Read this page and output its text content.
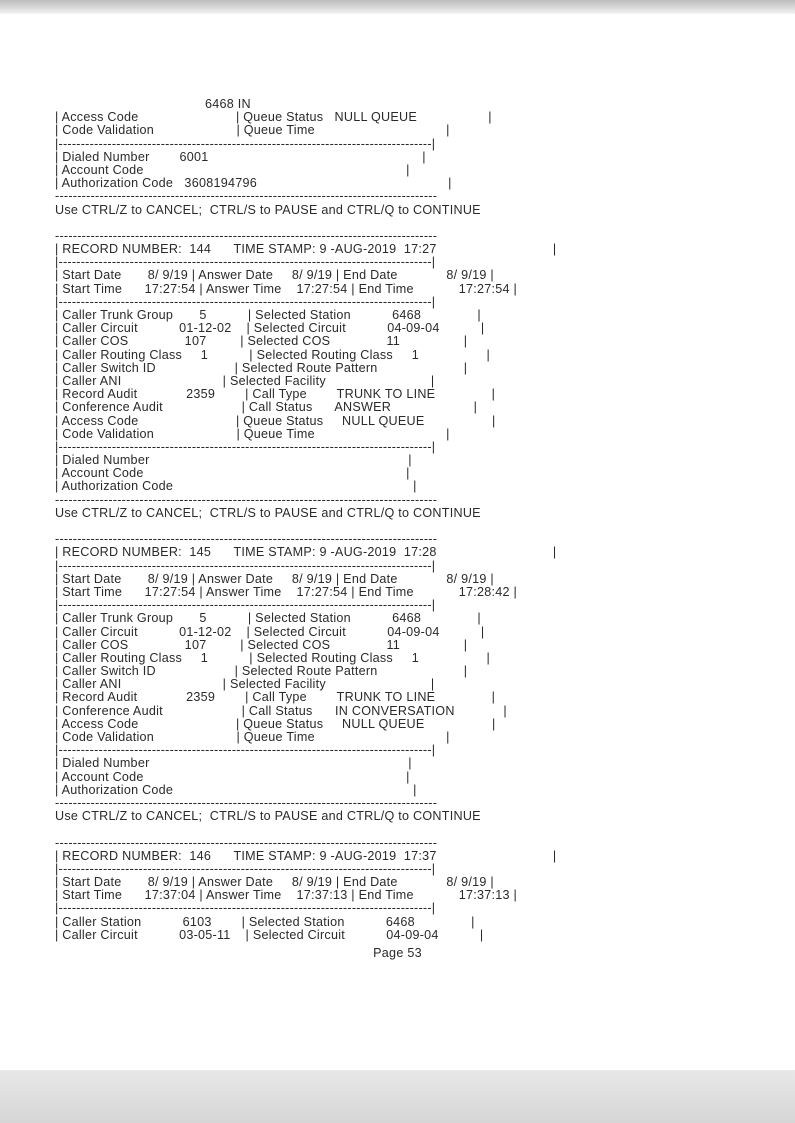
6468 IN
| Access Code                          | Queue Status   NULL QUEUE                   |
| Code Validation                      | Queue Time                                   |
|------------------------------------------------------------------------------------|
| Dialed Number        6001                                                         |
| Account Code                                                                      |
| Authorization Code   3608194796                                                   |
--------------------------------------------------------------------------------------
Use CTRL/Z to CANCEL;  CTRL/S to PAUSE and CTRL/Q to CONTINUE
--------------------------------------------------------------------------------------
| RECORD NUMBER:  144      TIME STAMP: 9 -AUG-2019  17:27                               |
|------------------------------------------------------------------------------------|
| Start Date       8/ 9/19 | Answer Date     8/ 9/19 | End Date             8/ 9/19 |
| Start Time      17:27:54 | Answer Time    17:27:54 | End Time            17:27:54 |
|------------------------------------------------------------------------------------|
| Caller Trunk Group       5           | Selected Station           6468               |
| Caller Circuit           01-12-02    | Selected Circuit           04-09-04           |
| Caller COS               107         | Selected COS               11                 |
| Caller Routing Class     1           | Selected Routing Class     1                  |
| Caller Switch ID                     | Selected Route Pattern                       |
| Caller ANI                           | Selected Facility                            |
| Record Audit             2359        | Call Type        TRUNK TO LINE               |
| Conference Audit                     | Call Status      ANSWER                      |
| Access Code                          | Queue Status     NULL QUEUE                  |
| Code Validation                      | Queue Time                                   |
|------------------------------------------------------------------------------------|
| Dialed Number                                                                     |
| Account Code                                                                      |
| Authorization Code                                                                |
--------------------------------------------------------------------------------------
Use CTRL/Z to CANCEL;  CTRL/S to PAUSE and CTRL/Q to CONTINUE
--------------------------------------------------------------------------------------
| RECORD NUMBER:  145      TIME STAMP: 9 -AUG-2019  17:28                               |
|------------------------------------------------------------------------------------|
| Start Date       8/ 9/19 | Answer Date     8/ 9/19 | End Date             8/ 9/19 |
| Start Time      17:27:54 | Answer Time    17:27:54 | End Time            17:28:42 |
|------------------------------------------------------------------------------------|
| Caller Trunk Group       5           | Selected Station           6468               |
| Caller Circuit           01-12-02    | Selected Circuit           04-09-04           |
| Caller COS               107         | Selected COS               11                 |
| Caller Routing Class     1           | Selected Routing Class     1                  |
| Caller Switch ID                     | Selected Route Pattern                       |
| Caller ANI                           | Selected Facility                            |
| Record Audit             2359        | Call Type        TRUNK TO LINE               |
| Conference Audit                     | Call Status      IN CONVERSATION             |
| Access Code                          | Queue Status     NULL QUEUE                  |
| Code Validation                      | Queue Time                                   |
|------------------------------------------------------------------------------------|
| Dialed Number                                                                     |
| Account Code                                                                      |
| Authorization Code                                                                |
--------------------------------------------------------------------------------------
Use CTRL/Z to CANCEL;  CTRL/S to PAUSE and CTRL/Q to CONTINUE
--------------------------------------------------------------------------------------
| RECORD NUMBER:  146      TIME STAMP: 9 -AUG-2019  17:37                               |
|------------------------------------------------------------------------------------|
| Start Date       8/ 9/19 | Answer Date     8/ 9/19 | End Date             8/ 9/19 |
| Start Time      17:37:04 | Answer Time    17:37:13 | End Time            17:37:13 |
|------------------------------------------------------------------------------------|
| Caller Station           6103        | Selected Station           6468               |
| Caller Circuit           03-05-11    | Selected Circuit           04-09-04           |
Page 53
